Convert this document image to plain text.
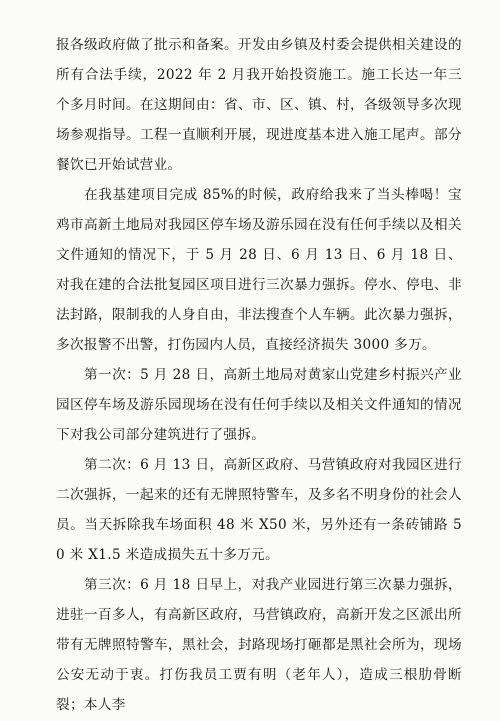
报各级政府做了批示和备案。开发由乡镇及村委会提供相关建设的所有合法手续，2022 年 2 月我开始投资施工。施工长达一年三个多月时间。在这期间由：省、市、区、镇、村，各级领导多次现场参观指导。工程一直顺利开展，现进度基本进入施工尾声。部分餐饮已开始试营业。

在我基建项目完成 85%的时候，政府给我来了当头棒喝！宝鸡市高新土地局对我园区停车场及游乐园在没有任何手续以及相关文件通知的情况下，于 5 月 28 日、6 月 13 日、6 月 18 日、对我在建的合法批复园区项目进行三次暴力强拆。停水、停电、非法封路，限制我的人身自由，非法搜查个人车辆。此次暴力强拆，多次报警不出警，打伤园内人员，直接经济损失 3000 多万。

第一次：5 月 28 日，高新土地局对黄家山党建乡村振兴产业园区停车场及游乐园现场在没有任何手续以及相关文件通知的情况下对我公司部分建筑进行了强拆。

第二次：6 月 13 日，高新区政府、马营镇政府对我园区进行二次强拆，一起来的还有无牌照特警车，及多名不明身份的社会人员。当天拆除我车场面积 48 米 X50 米，另外还有一条砖铺路 50 米 X1.5 米造成损失五十多万元。

第三次：6 月 18 日早上，对我产业园进行第三次暴力强拆，进驻一百多人，有高新区政府，马营镇政府，高新开发之区派出所带有无牌照特警车，黑社会，封路现场打砸都是黑社会所为，现场公安无动于衷。打伤我员工贾有明（老年人），造成三根肋骨断裂；本人李
